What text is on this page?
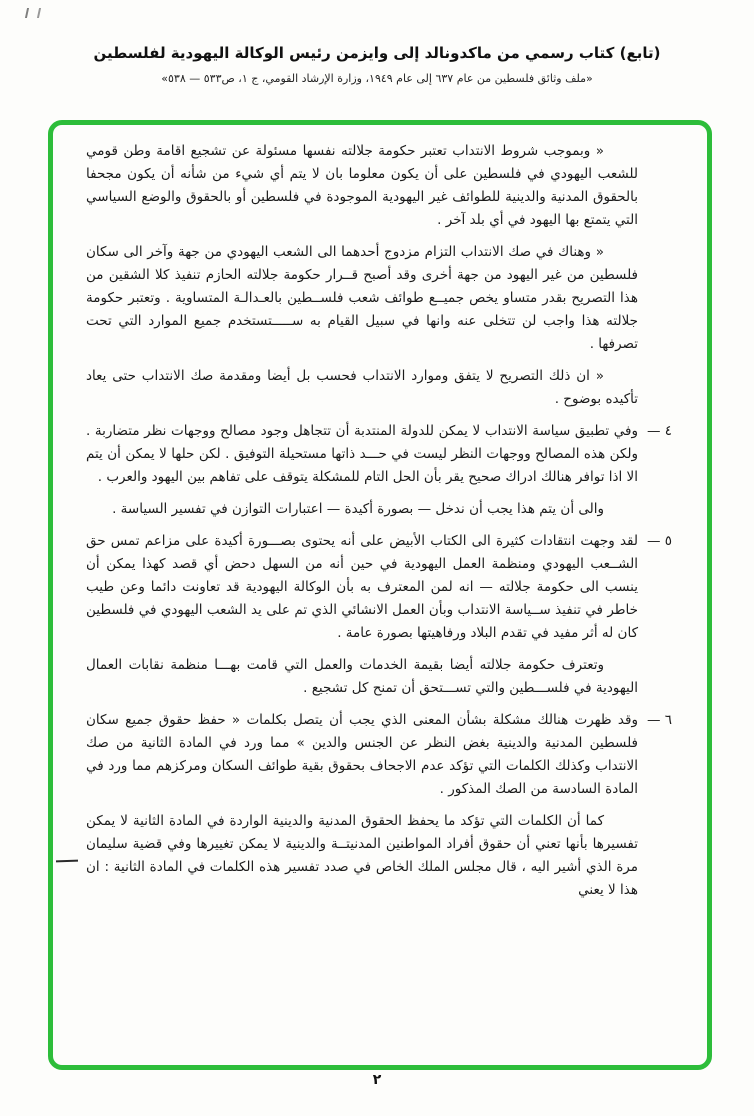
(تابع) كتاب رسمي من ماكدونالد إلى وايزمن رئيس الوكالة اليهودية لفلسطين
«ملف وثائق فلسطين من عام ٦٣٧ إلى عام ١٩٤٩، وزارة الإرشاد القومي، ج ١، ص٥٣٣ — ٥٣٨»

« وبموجب شروط الانتداب تعتبر حكومة جلالته نفسها مسئولة عن تشجيع اقامة وطن قومي للشعب اليهودي في فلسطين على أن يكون معلوما بان لا يتم أي شيء من شأنه أن يكون مجحفا بالحقوق المدنية والدينية للطوائف غير اليهودية الموجودة في فلسطين أو بالحقوق والوضع السياسي التي يتمتع بها اليهود في أي بلد آخر .

« وهناك في صك الانتداب التزام مزدوج أحدهما الى الشعب اليهودي من جهة وآخر الى سكان فلسطين من غير اليهود من جهة أخرى وقد أصبح قــرار حكومة جلالته الحازم تنفيذ كلا الشقين من هذا التصريح بقدر متساو يخص جميــع طوائف شعب فلســطين بالعـدالـة المتساوية . وتعتبر حكومة جلالته هذا واجب لن تتخلى عنه وانها في سبيل القيام به ســـــتستخدم جميع الموارد التي تحت تصرفها .

« ان ذلك التصريح لا يتفق وموارد الانتداب فحسب بل أيضا ومقدمة صك الانتداب حتى يعاد تأكيده بوضوح .

٤ —

وفي تطبيق سياسة الانتداب لا يمكن للدولة المنتدبة أن تتجاهل وجود مصالح ووجهات نظر متضاربة . ولكن هذه المصالح ووجهات النظر ليست في حـــد ذاتها مستحيلة التوفيق . لكن حلها لا يمكن أن يتم الا اذا توافر هنالك ادراك صحيح يقر بأن الحل التام للمشكلة يتوقف على تفاهم بين اليهود والعرب .

والى أن يتم هذا يجب أن ندخل — بصورة أكيدة — اعتبارات التوازن في تفسير السياسة .

٥ —

لقد وجهت انتقادات كثيرة الى الكتاب الأبيض على أنه يحتوى بصـــورة أكيدة على مزاعم تمس حق الشــعب اليهودي ومنظمة العمل اليهودية في حين أنه من السهل دحض أي قصد كهذا يمكن أن ينسب الى حكومة جلالته — انه لمن المعترف به بأن الوكالة اليهودية قد تعاونت دائما وعن طيب خاطر في تنفيذ ســياسة الانتداب وبأن العمل الانشائي الذي تم على يد الشعب اليهودي في فلسطين كان له أثر مفيد في تقدم البلاد ورفاهيتها بصورة عامة .

وتعترف حكومة جلالته أيضا بقيمة الخدمات والعمل التي قامت بهـــا منظمة نقابات العمال اليهودية في فلســـطين والتي تســـتحق أن تمنح كل تشجيع .

٦ —

وقد ظهرت هنالك مشكلة بشأن المعنى الذي يجب أن يتصل بكلمات « حفظ حقوق جميع سكان فلسطين المدنية والدينية بغض النظر عن الجنس والدين » مما ورد في المادة الثانية من صك الانتداب وكذلك الكلمات التي تؤكد عدم الاجحاف بحقوق بقية طوائف السكان ومركزهم مما ورد في المادة السادسة من الصك المذكور .

كما أن الكلمات التي تؤكد ما يحفظ الحقوق المدنية والدينية الواردة في المادة الثانية لا يمكن تفسيرها بأنها تعني أن حقوق أفراد المواطنين المدنيتــة والدينية لا يمكن تغييرها وفي قضية سليمان مرة الذي أشير اليه ، قال مجلس الملك الخاص في صدد تفسير هذه الكلمات في المادة الثانية : ان هذا لا يعني

٢
